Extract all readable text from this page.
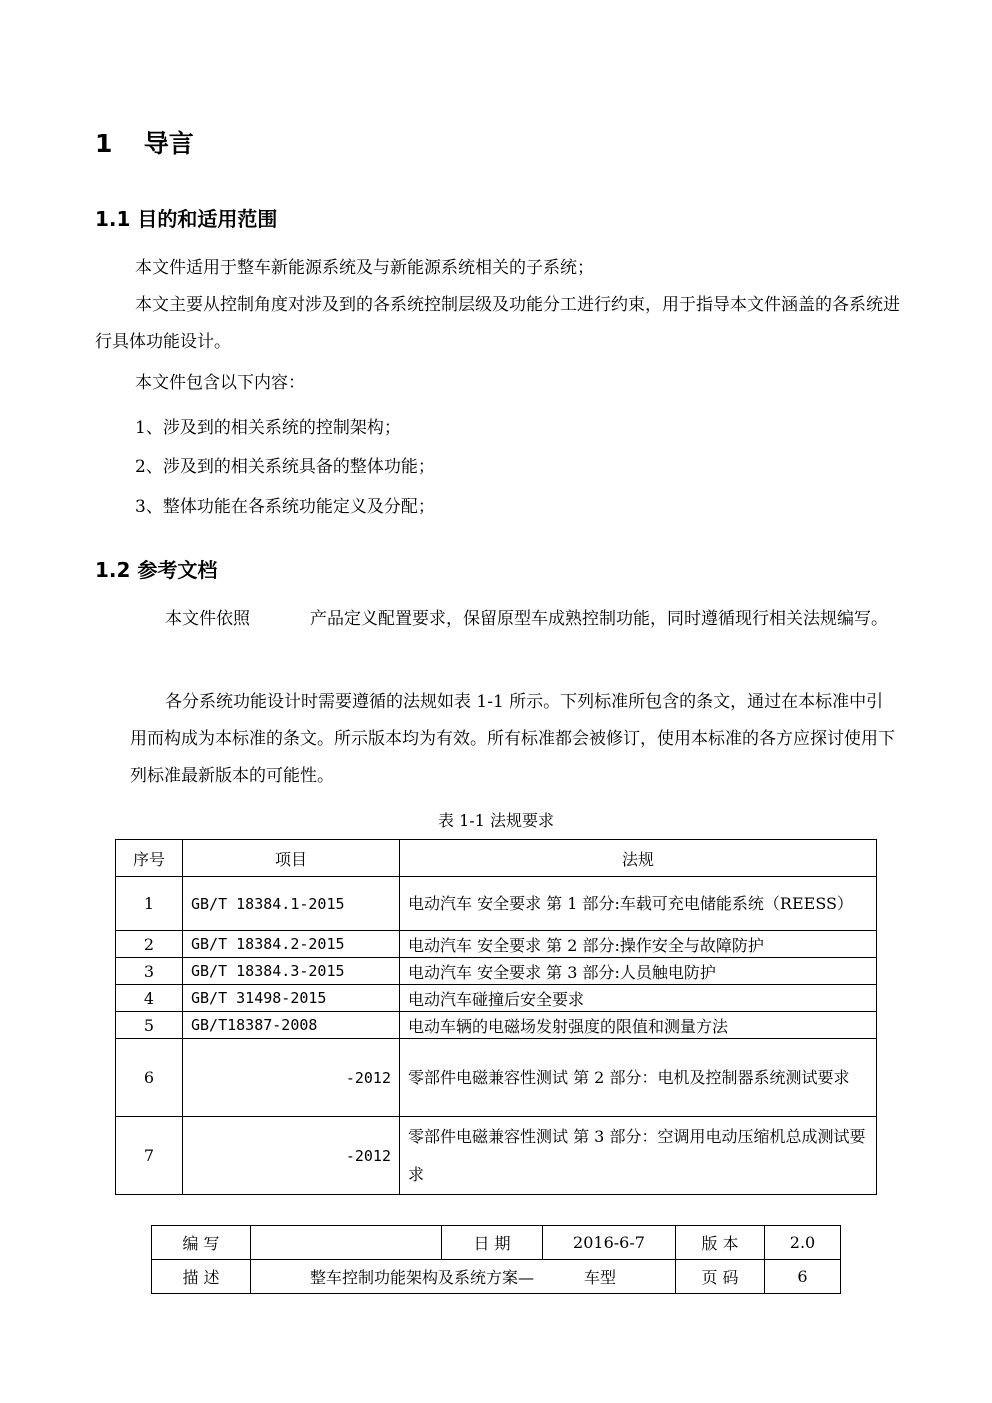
1 导言
1.1 目的和适用范围
本文件适用于整车新能源系统及与新能源系统相关的子系统；
本文主要从控制角度对涉及到的各系统控制层级及功能分工进行约束，用于指导本文件涵盖的各系统进行具体功能设计。
本文件包含以下内容：
1、涉及到的相关系统的控制架构；
2、涉及到的相关系统具备的整体功能；
3、整体功能在各系统功能定义及分配；
1.2 参考文档
本文件依照	产品定义配置要求，保留原型车成熟控制功能，同时遵循现行相关法规编写。
各分系统功能设计时需要遵循的法规如表 1-1 所示。下列标准所包含的条文，通过在本标准中引用而构成为本标准的条文。所示版本均为有效。所有标准都会被修订，使用本标准的各方应探讨使用下列标准最新版本的可能性。
表 1-1 法规要求
序号	项目	法规
1	GB/T 18384.1-2015	电动汽车 安全要求 第 1 部分:车载可充电储能系统（REESS）
2	GB/T 18384.2-2015	电动汽车 安全要求 第 2 部分:操作安全与故障防护
3	GB/T 18384.3-2015	电动汽车 安全要求 第 3 部分:人员触电防护
4	GB/T 31498-2015	电动汽车碰撞后安全要求
5	GB/T18387-2008	电动车辆的电磁场发射强度的限值和测量方法
6	-2012	零部件电磁兼容性测试 第 2 部分：电机及控制器系统测试要求
7	-2012	零部件电磁兼容性测试 第 3 部分：空调用电动压缩机总成测试要求
编 写		日 期	2016-6-7	版 本	2.0
描 述	整车控制功能架构及系统方案— 车型			页 码	6
